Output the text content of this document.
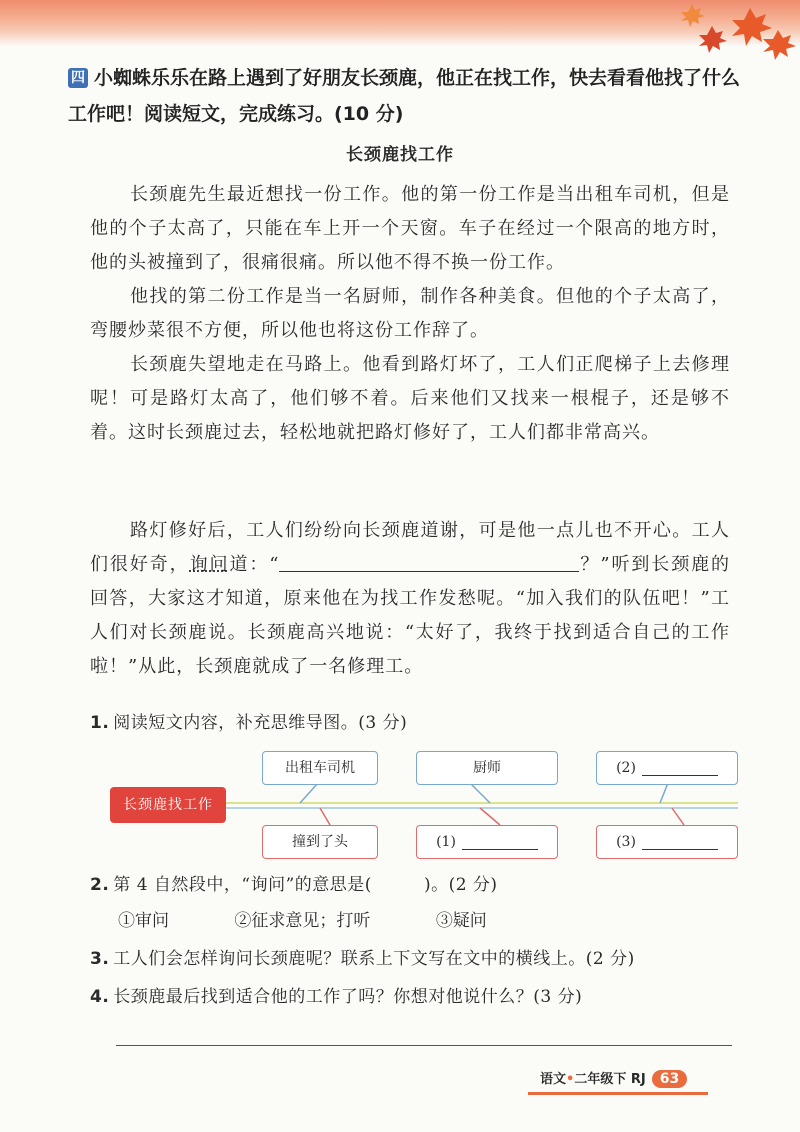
四 小蜘蛛乐乐在路上遇到了好朋友长颈鹿，他正在找工作，快去看看他找了什么工作吧！阅读短文，完成练习。(10 分)
长颈鹿找工作
长颈鹿先生最近想找一份工作。他的第一份工作是当出租车司机，但是他的个子太高了，只能在车上开一个天窗。车子在经过一个限高的地方时，他的头被撞到了，很痛很痛。所以他不得不换一份工作。
他找的第二份工作是当一名厨师，制作各种美食。但他的个子太高了，弯腰炒菜很不方便，所以他也将这份工作辞了。
长颈鹿失望地走在马路上。他看到路灯坏了，工人们正爬梯子上去修理呢！可是路灯太高了，他们够不着。后来他们又找来一根棍子，还是够不着。这时长颈鹿过去，轻松地就把路灯修好了，工人们都非常高兴。
路灯修好后，工人们纷纷向长颈鹿道谢，可是他一点儿也不开心。工人们很好奇，询问道：“	？”听到长颈鹿的回答，大家这才知道，原来他在为找工作发愁呢。“加入我们的队伍吧！”工人们对长颈鹿说。长颈鹿高兴地说：“太好了，我终于找到适合自己的工作啦！”从此，长颈鹿就成了一名修理工。
1. 阅读短文内容，补充思维导图。(3 分)
长颈鹿找工作
出租车司机	厨师	(2)
撞到了头	(1)	(3)
2. 第 4 自然段中，“询问”的意思是(	)。(2 分)
①审问	②征求意见；打听	③疑问
3. 工人们会怎样询问长颈鹿呢？联系上下文写在文中的横线上。(2 分)
4. 长颈鹿最后找到适合他的工作了吗？你想对他说什么？(3 分)
语文•二年级下 RJ 63
